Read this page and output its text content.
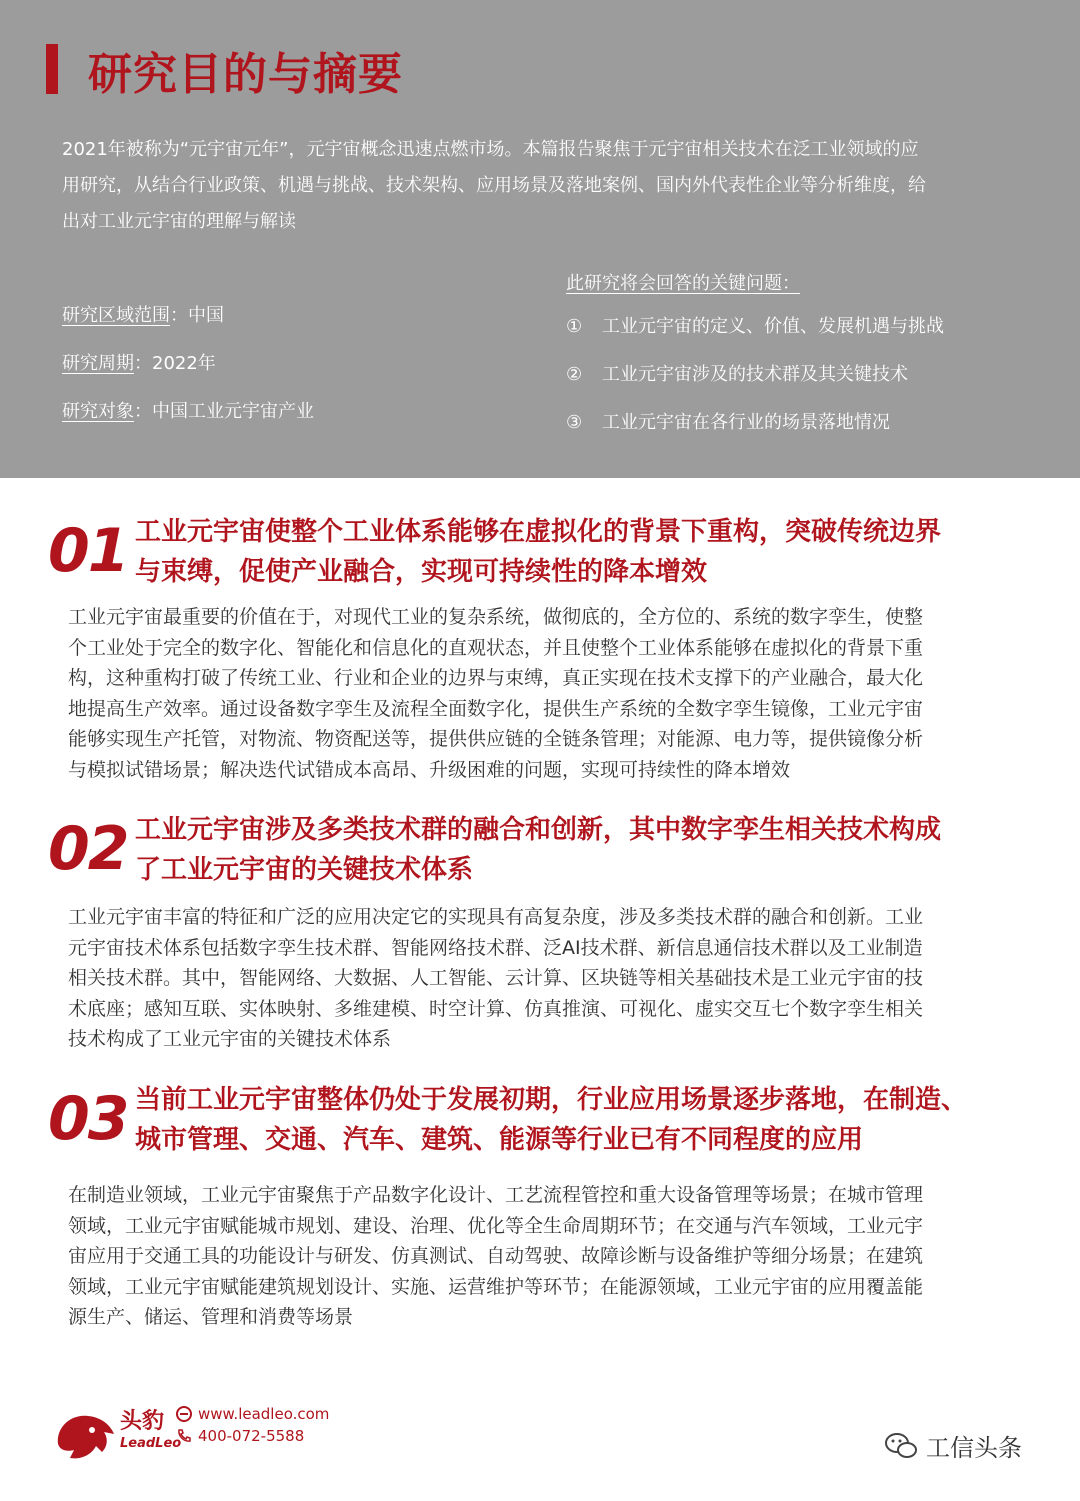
研究目的与摘要
2021年被称为“元宇宙元年”，元宇宙概念迅速点燃市场。本篇报告聚焦于元宇宙相关技术在泛工业领域的应
用研究，从结合行业政策、机遇与挑战、技术架构、应用场景及落地案例、国内外代表性企业等分析维度，给
出对工业元宇宙的理解与解读
研究区域范围：中国
研究周期：2022年
研究对象：中国工业元宇宙产业
此研究将会回答的关键问题：
①	工业元宇宙的定义、价值、发展机遇与挑战
②	工业元宇宙涉及的技术群及其关键技术
③	工业元宇宙在各行业的场景落地情况
01 工业元宇宙使整个工业体系能够在虚拟化的背景下重构，突破传统边界
与束缚，促使产业融合，实现可持续性的降本增效
工业元宇宙最重要的价值在于，对现代工业的复杂系统，做彻底的，全方位的、系统的数字孪生，使整
个工业处于完全的数字化、智能化和信息化的直观状态，并且使整个工业体系能够在虚拟化的背景下重
构，这种重构打破了传统工业、行业和企业的边界与束缚，真正实现在技术支撑下的产业融合，最大化
地提高生产效率。通过设备数字孪生及流程全面数字化，提供生产系统的全数字孪生镜像，工业元宇宙
能够实现生产托管，对物流、物资配送等，提供供应链的全链条管理；对能源、电力等，提供镜像分析
与模拟试错场景；解决迭代试错成本高昂、升级困难的问题，实现可持续性的降本增效
02 工业元宇宙涉及多类技术群的融合和创新，其中数字孪生相关技术构成
了工业元宇宙的关键技术体系
工业元宇宙丰富的特征和广泛的应用决定它的实现具有高复杂度，涉及多类技术群的融合和创新。工业
元宇宙技术体系包括数字孪生技术群、智能网络技术群、泛AI技术群、新信息通信技术群以及工业制造
相关技术群。其中，智能网络、大数据、人工智能、云计算、区块链等相关基础技术是工业元宇宙的技
术底座；感知互联、实体映射、多维建模、时空计算、仿真推演、可视化、虚实交互七个数字孪生相关
技术构成了工业元宇宙的关键技术体系
03 当前工业元宇宙整体仍处于发展初期，行业应用场景逐步落地，在制造、
城市管理、交通、汽车、建筑、能源等行业已有不同程度的应用
在制造业领域，工业元宇宙聚焦于产品数字化设计、工艺流程管控和重大设备管理等场景；在城市管理
领域，工业元宇宙赋能城市规划、建设、治理、优化等全生命周期环节；在交通与汽车领域，工业元宇
宙应用于交通工具的功能设计与研发、仿真测试、自动驾驶、故障诊断与设备维护等细分场景；在建筑
领域，工业元宇宙赋能建筑规划设计、实施、运营维护等环节；在能源领域，工业元宇宙的应用覆盖能
源生产、储运、管理和消费等场景
头豹
LeadLeo
www.leadleo.com
400-072-5588	工信头条
